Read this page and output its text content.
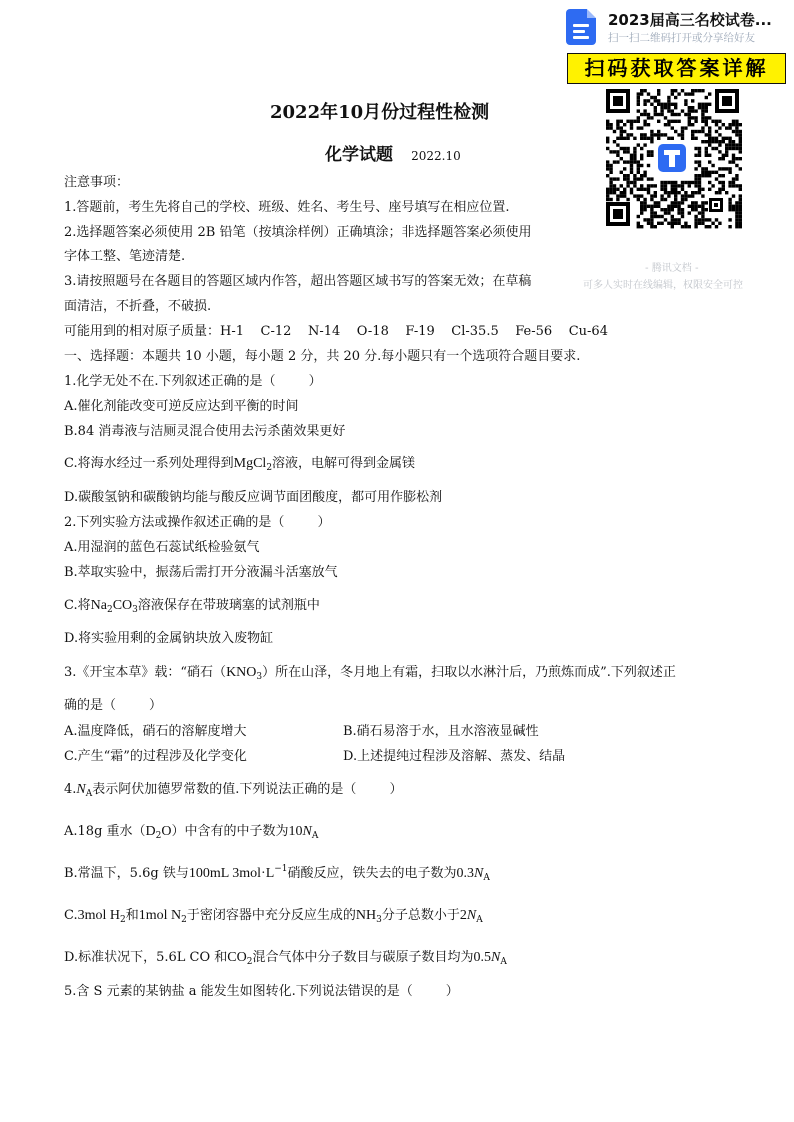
2023届高三名校试卷...
扫一扫二维码打开或分享给好友
扫码获取答案详解
- 腾讯文档 -
可多人实时在线编辑，权限安全可控
2022年10月份过程性检测
化学试题 2022.10
注意事项：
1.答题前，考生先将自己的学校、班级、姓名、考生号、座号填写在相应位置.
2.选择题答案必须使用 2B 铅笔（按填涂样例）正确填涂；非选择题答案必须使用
字体工整、笔迹清楚.
3.请按照题号在各题目的答题区域内作答，超出答题区域书写的答案无效；在草稿
面清洁，不折叠，不破损.
可能用到的相对原子质量：H-1    C-12    N-14    O-18    F-19    Cl-35.5    Fe-56    Cu-64
一、选择题：本题共 10 小题，每小题 2 分，共 20 分.每小题只有一个选项符合题目要求.
1.化学无处不在.下列叙述正确的是（        ）
A.催化剂能改变可逆反应达到平衡的时间
B.84 消毒液与洁厕灵混合使用去污杀菌效果更好
C.将海水经过一系列处理得到MgCl$_2$溶液，电解可得到金属镁
D.碳酸氢钠和碳酸钠均能与酸反应调节面团酸度，都可用作膨松剂
2.下列实验方法或操作叙述正确的是（        ）
A.用湿润的蓝色石蕊试纸检验氨气
B.萃取实验中，振荡后需打开分液漏斗活塞放气
C.将$Na_2CO_3$溶液保存在带玻璃塞的试剂瓶中
D.将实验用剩的金属钠块放入废物缸
3.《开宝本草》载：“硝石$(KNO_3)$所在山泽，冬月地上有霜，扫取以水淋汁后，乃煎炼而成”.下列叙述正
确的是（        ）
A.温度降低，硝石的溶解度增大	B.硝石易溶于水，且水溶液显碱性
C.产生“霜”的过程涉及化学变化	D.上述提纯过程涉及溶解、蒸发、结晶
$4.N_A$表示阿伏加德罗常数的值.下列说法正确的是（        ）
A.18g 重水$(D_2O)$中含有的中子数为$10N_A$
B.常温下，5.6g 铁与100mL $3mol\cdot L^{-1}$硝酸反应，铁失去的电子数为$0.3N_A$
C.3mol $H_2$和1mol $N_2$于密闭容器中充分反应生成的$NH_3$分子总数小于$2N_A$
D.标准状况下，5.6L CO 和$CO_2$混合气体中分子数目与碳原子数目均为$0.5N_A$
5.含 S 元素的某钠盐 a 能发生如图转化.下列说法错误的是（        ）
